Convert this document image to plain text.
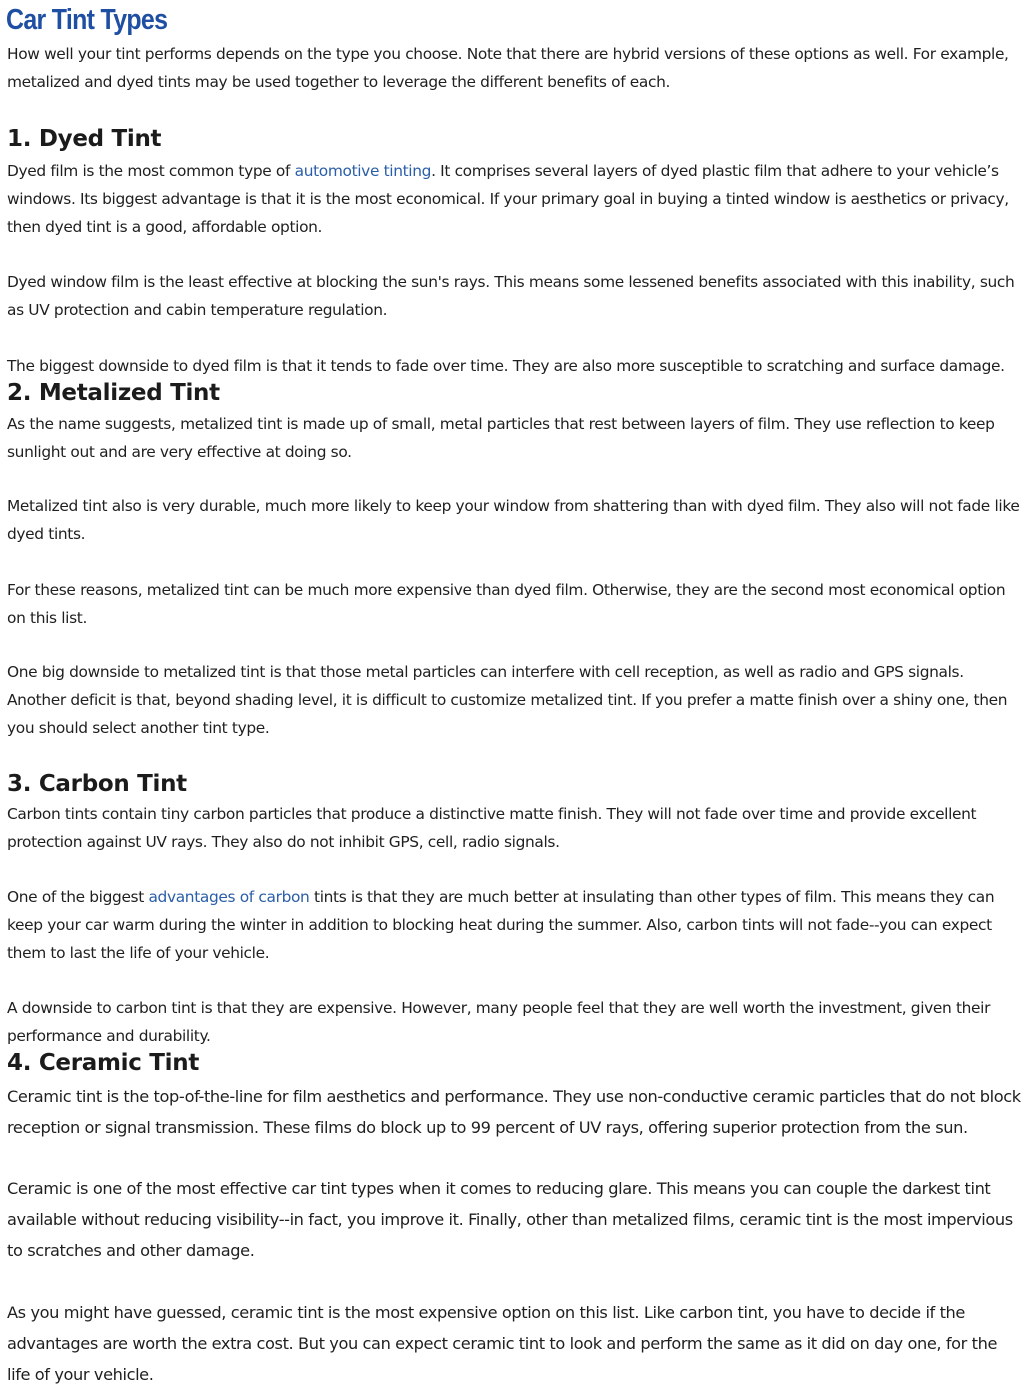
Car Tint Types

How well your tint performs depends on the type you choose. Note that there are hybrid versions of these options as well. For example, metalized and dyed tints may be used together to leverage the different benefits of each.

1. Dyed Tint

Dyed film is the most common type of automotive tinting. It comprises several layers of dyed plastic film that adhere to your vehicle’s windows. Its biggest advantage is that it is the most economical. If your primary goal in buying a tinted window is aesthetics or privacy, then dyed tint is a good, affordable option.

Dyed window film is the least effective at blocking the sun's rays. This means some lessened benefits associated with this inability, such as UV protection and cabin temperature regulation.

The biggest downside to dyed film is that it tends to fade over time. They are also more susceptible to scratching and surface damage.

2. Metalized Tint

As the name suggests, metalized tint is made up of small, metal particles that rest between layers of film. They use reflection to keep sunlight out and are very effective at doing so.

Metalized tint also is very durable, much more likely to keep your window from shattering than with dyed film. They also will not fade like dyed tints.

For these reasons, metalized tint can be much more expensive than dyed film. Otherwise, they are the second most economical option on this list.

One big downside to metalized tint is that those metal particles can interfere with cell reception, as well as radio and GPS signals. Another deficit is that, beyond shading level, it is difficult to customize metalized tint. If you prefer a matte finish over a shiny one, then you should select another tint type.

3. Carbon Tint

Carbon tints contain tiny carbon particles that produce a distinctive matte finish. They will not fade over time and provide excellent protection against UV rays. They also do not inhibit GPS, cell, radio signals.

One of the biggest advantages of carbon tints is that they are much better at insulating than other types of film. This means they can keep your car warm during the winter in addition to blocking heat during the summer. Also, carbon tints will not fade--you can expect them to last the life of your vehicle.

A downside to carbon tint is that they are expensive. However, many people feel that they are well worth the investment, given their performance and durability.

4. Ceramic Tint

Ceramic tint is the top-of-the-line for film aesthetics and performance. They use non-conductive ceramic particles that do not block reception or signal transmission. These films do block up to 99 percent of UV rays, offering superior protection from the sun.

Ceramic is one of the most effective car tint types when it comes to reducing glare. This means you can couple the darkest tint available without reducing visibility--in fact, you improve it. Finally, other than metalized films, ceramic tint is the most impervious to scratches and other damage.

As you might have guessed, ceramic tint is the most expensive option on this list. Like carbon tint, you have to decide if the advantages are worth the extra cost. But you can expect ceramic tint to look and perform the same as it did on day one, for the life of your vehicle.
